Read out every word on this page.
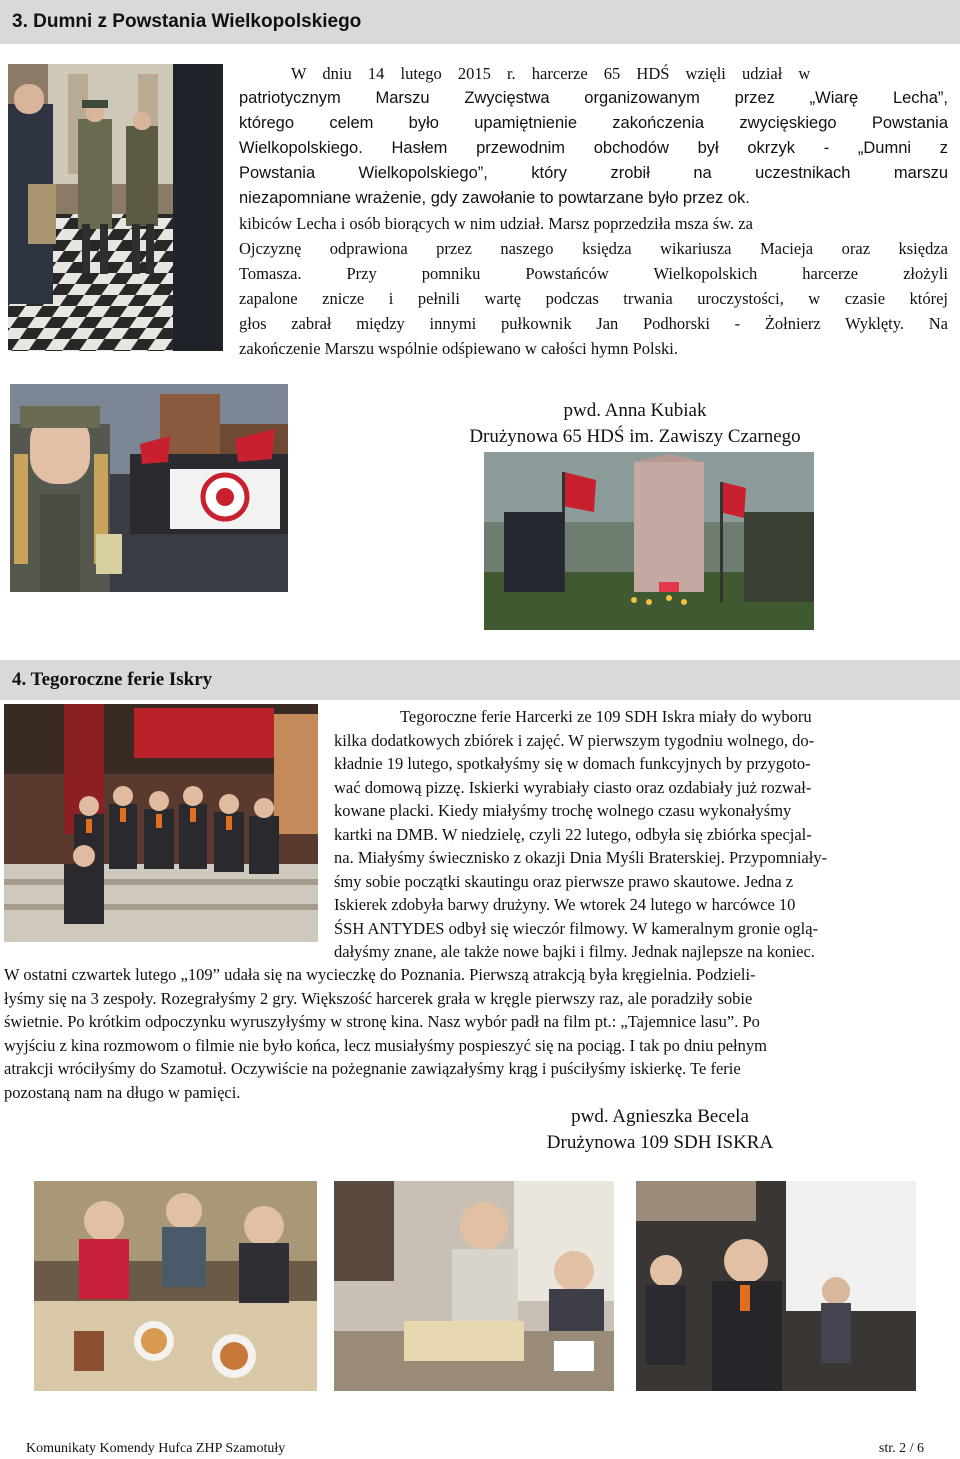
3. Dumni z Powstania Wielkopolskiego
W dniu 14 lutego 2015 r. harcerze 65 HDŚ wzięli udział w
patriotycznym Marszu Zwycięstwa organizowanym przez „Wiarę Lecha”,
którego celem było upamiętnienie zakończenia zwycięskiego Powstania
Wielkopolskiego. Hasłem przewodnim obchodów był okrzyk - „Dumni z
Powstania Wielkopolskiego”, który zrobił na uczestnikach marszu
niezapomniane wrażenie, gdy zawołanie to powtarzane było przez ok.
kibiców Lecha i osób biorących w nim udział. Marsz poprzedziła msza św. za
Ojczyznę odprawiona przez naszego księdza wikariusza Macieja oraz księdza
Tomasza. Przy pomniku Powstańców Wielkopolskich harcerze złożyli
zapalone znicze i pełnili wartę podczas trwania uroczystości, w czasie której
głos zabrał między innymi pułkownik Jan Podhorski - Żołnierz Wyklęty. Na
zakończenie Marszu wspólnie odśpiewano w całości hymn Polski.
pwd. Anna Kubiak
Drużynowa 65 HDŚ im. Zawiszy Czarnego
4. Tegoroczne ferie Iskry
Tegoroczne ferie Harcerki ze 109 SDH Iskra miały do wyboru
kilka dodatkowych zbiórek i zajęć. W pierwszym tygodniu wolnego, do-
kładnie 19 lutego, spotkałyśmy się w domach funkcyjnych by przygoto-
wać domową pizzę. Iskierki wyrabiały ciasto oraz ozdabiały już rozwał-
kowane placki. Kiedy miałyśmy trochę wolnego czasu wykonałyśmy
kartki na DMB. W niedzielę, czyli 22 lutego, odbyła się zbiórka specjal-
na. Miałyśmy świecznisko z okazji Dnia Myśli Braterskiej. Przypomniały-
śmy sobie początki skautingu oraz pierwsze prawo skautowe. Jedna z
Iskierek zdobyła barwy drużyny. We wtorek 24 lutego w harcówce 10
ŚSH ANTYDES odbył się wieczór filmowy. W kameralnym gronie oglą-
dałyśmy znane, ale także nowe bajki i filmy. Jednak najlepsze na koniec.
W ostatni czwartek lutego „109” udała się na wycieczkę do Poznania. Pierwszą atrakcją była kręgielnia. Podzieli-
łyśmy się na 3 zespoły. Rozegrałyśmy 2 gry. Większość harcerek grała w kręgle pierwszy raz, ale poradziły sobie
świetnie. Po krótkim odpoczynku wyruszyłyśmy w stronę kina. Nasz wybór padł na film pt.: „Tajemnice lasu”. Po
wyjściu z kina rozmowom o filmie nie było końca, lecz musiałyśmy pospieszyć się na pociąg. I tak po dniu pełnym
atrakcji wróciłyśmy do Szamotuł. Oczywiście na pożegnanie zawiązałyśmy krąg i puściłyśmy iskierkę. Te ferie
pozostaną nam na długo w pamięci.
pwd. Agnieszka Becela
Drużynowa 109 SDH ISKRA
Komunikaty Komendy Hufca ZHP Szamotuły	str. 2 / 6
